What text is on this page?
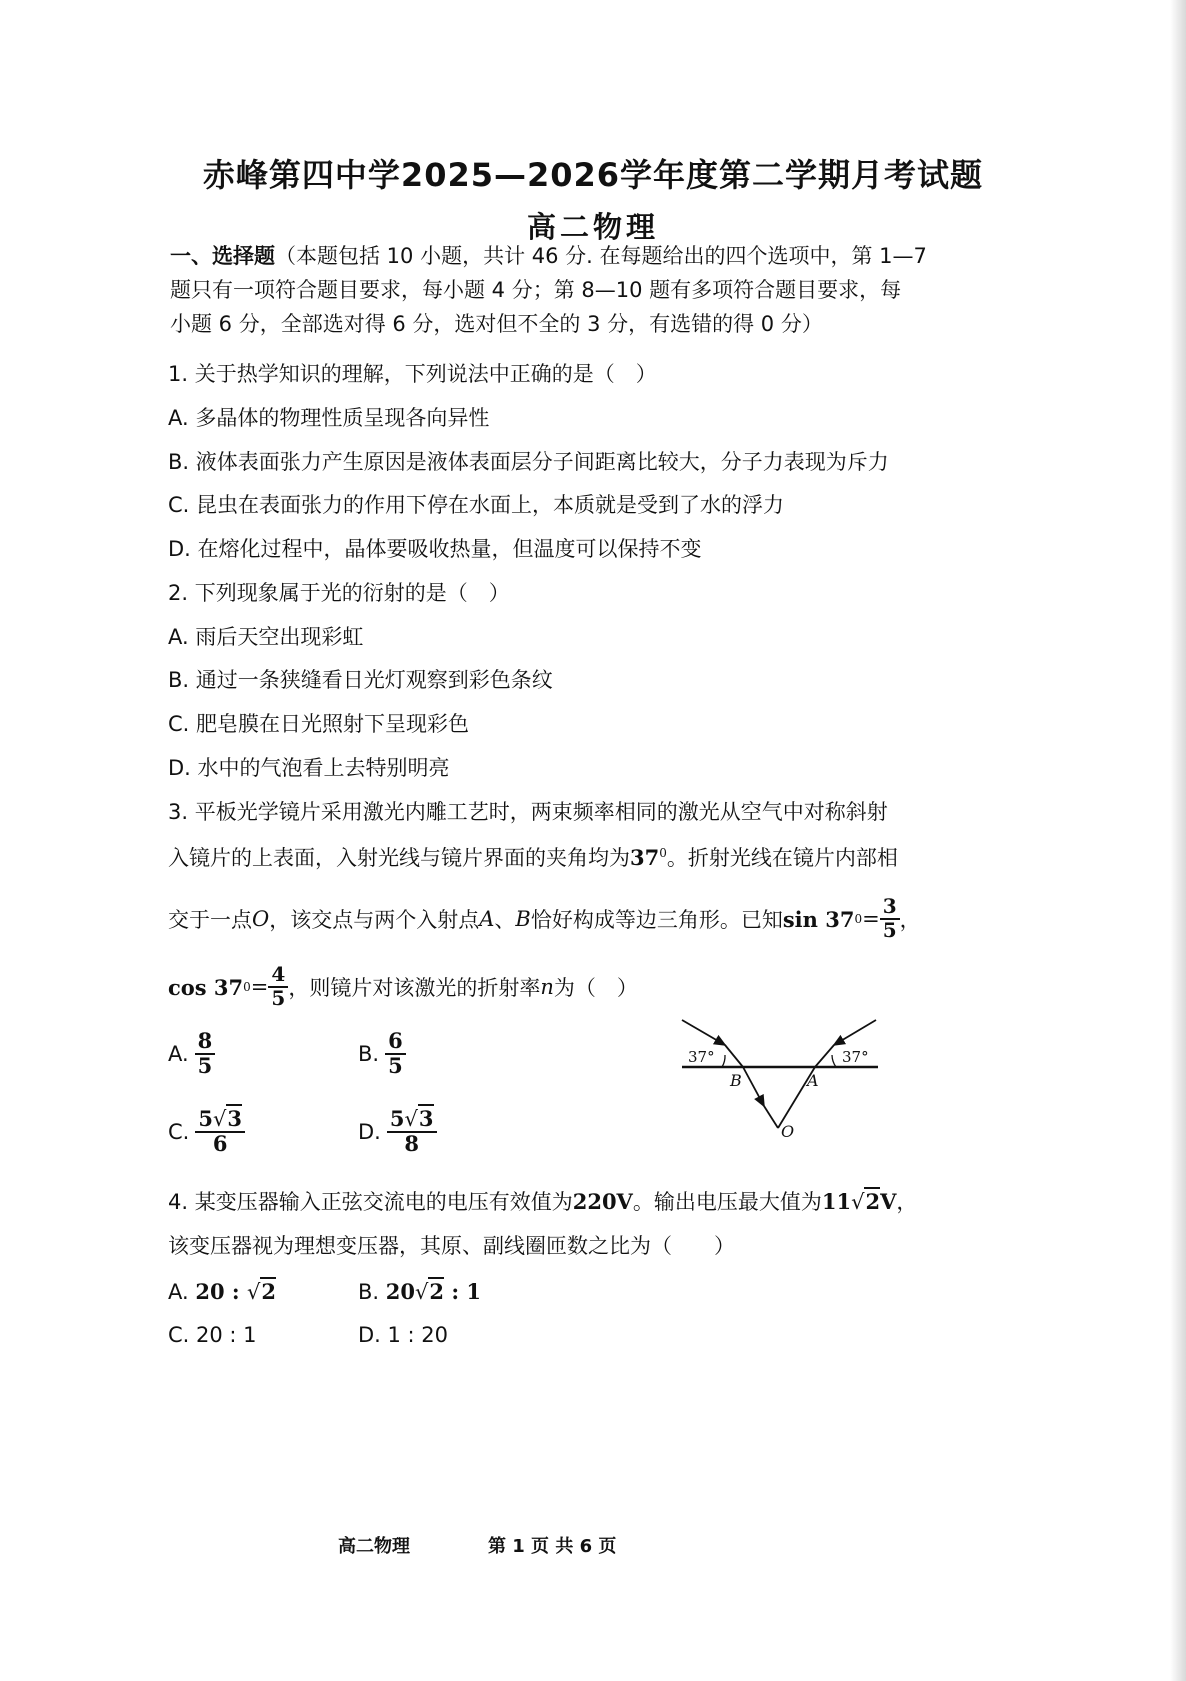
赤峰第四中学2025—2026学年度第二学期月考试题
高二物理
一、选择题（本题包括 10 小题，共计 46 分. 在每题给出的四个选项中，第 1—7
题只有一项符合题目要求，每小题 4 分；第 8—10 题有多项符合题目要求，每
小题 6 分，全部选对得 6 分，选对但不全的 3 分，有选错的得 0 分）
1. 关于热学知识的理解，下列说法中正确的是（　）
A. 多晶体的物理性质呈现各向异性
B. 液体表面张力产生原因是液体表面层分子间距离比较大，分子力表现为斥力
C. 昆虫在表面张力的作用下停在水面上，本质就是受到了水的浮力
D. 在熔化过程中，晶体要吸收热量，但温度可以保持不变
2. 下列现象属于光的衍射的是（　）
A. 雨后天空出现彩虹
B. 通过一条狭缝看日光灯观察到彩色条纹
C. 肥皂膜在日光照射下呈现彩色
D. 水中的气泡看上去特别明亮
3. 平板光学镜片采用激光内雕工艺时，两束频率相同的激光从空气中对称斜射
入镜片的上表面，入射光线与镜片界面的夹角均为$37^0$。折射光线在镜片内部相
交于一点 O ，该交点与两个入射点 A 、 B 恰好构成等边三角形。已知 sin 37 $0 = \frac{3}{5}$ ，
cos 37 $0 = \frac{4}{5}$ ，则镜片对该激光的折射率 n 为（　）
A. $\frac{8}{5}$	B. $\frac{6}{5}$
C. $\frac{5√3}{6}$	D. $\frac{5√3}{8}$
37°	37°
B	A
O
4. 某变压器输入正弦交流电的电压有效值为220V。输出电压最大值为11√2V，
该变压器视为理想变压器，其原、副线圈匝数之比为（　　）
A. 20 : √2	B. 20√2 : 1
C. 20 : 1	D. 1 : 20
高二物理	第 1 页 共 6 页
